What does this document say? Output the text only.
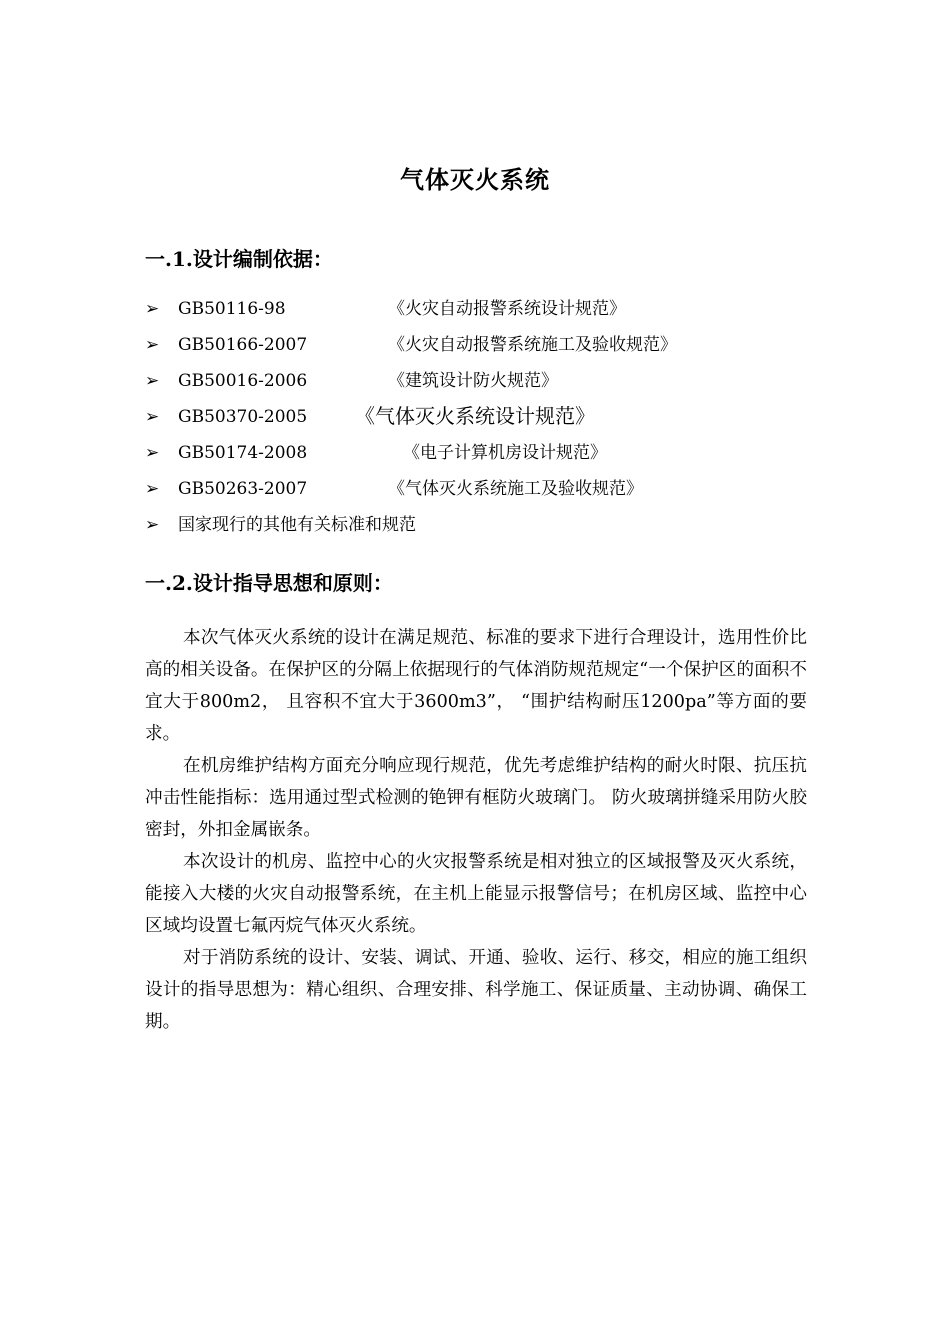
气体灭火系统
一.1.设计编制依据：
➢	GB50116-98	《火灾自动报警系统设计规范》
➢	GB50166-2007	《火灾自动报警系统施工及验收规范》
➢	GB50016-2006	《建筑设计防火规范》
➢	GB50370-2005 《气体灭火系统设计规范》
➢	GB50174-2008	《电子计算机房设计规范》
➢	GB50263-2007	《气体灭火系统施工及验收规范》
➢	国家现行的其他有关标准和规范
一.2.设计指导思想和原则：

本次气体灭火系统的设计在满足规范、标准的要求下进行合理设计，选用性价比高的相关设备。在保护区的分隔上依据现行的气体消防规范规定“一个保护区的面积不宜大于800m2， 且容积不宜大于3600m3”， “围护结构耐压1200pa”等方面的要求。

在机房维护结构方面充分响应现行规范，优先考虑维护结构的耐火时限、抗压抗冲击性能指标：选用通过型式检测的铯钾有框防火玻璃门。 防火玻璃拼缝采用防火胶密封，外扣金属嵌条。

本次设计的机房、监控中心的火灾报警系统是相对独立的区域报警及灭火系统，能接入大楼的火灾自动报警系统，在主机上能显示报警信号；在机房区域、监控中心区域均设置七氟丙烷气体灭火系统。

对于消防系统的设计、安装、调试、开通、验收、运行、移交，相应的施工组织设计的指导思想为：精心组织、合理安排、科学施工、保证质量、主动协调、确保工期。
